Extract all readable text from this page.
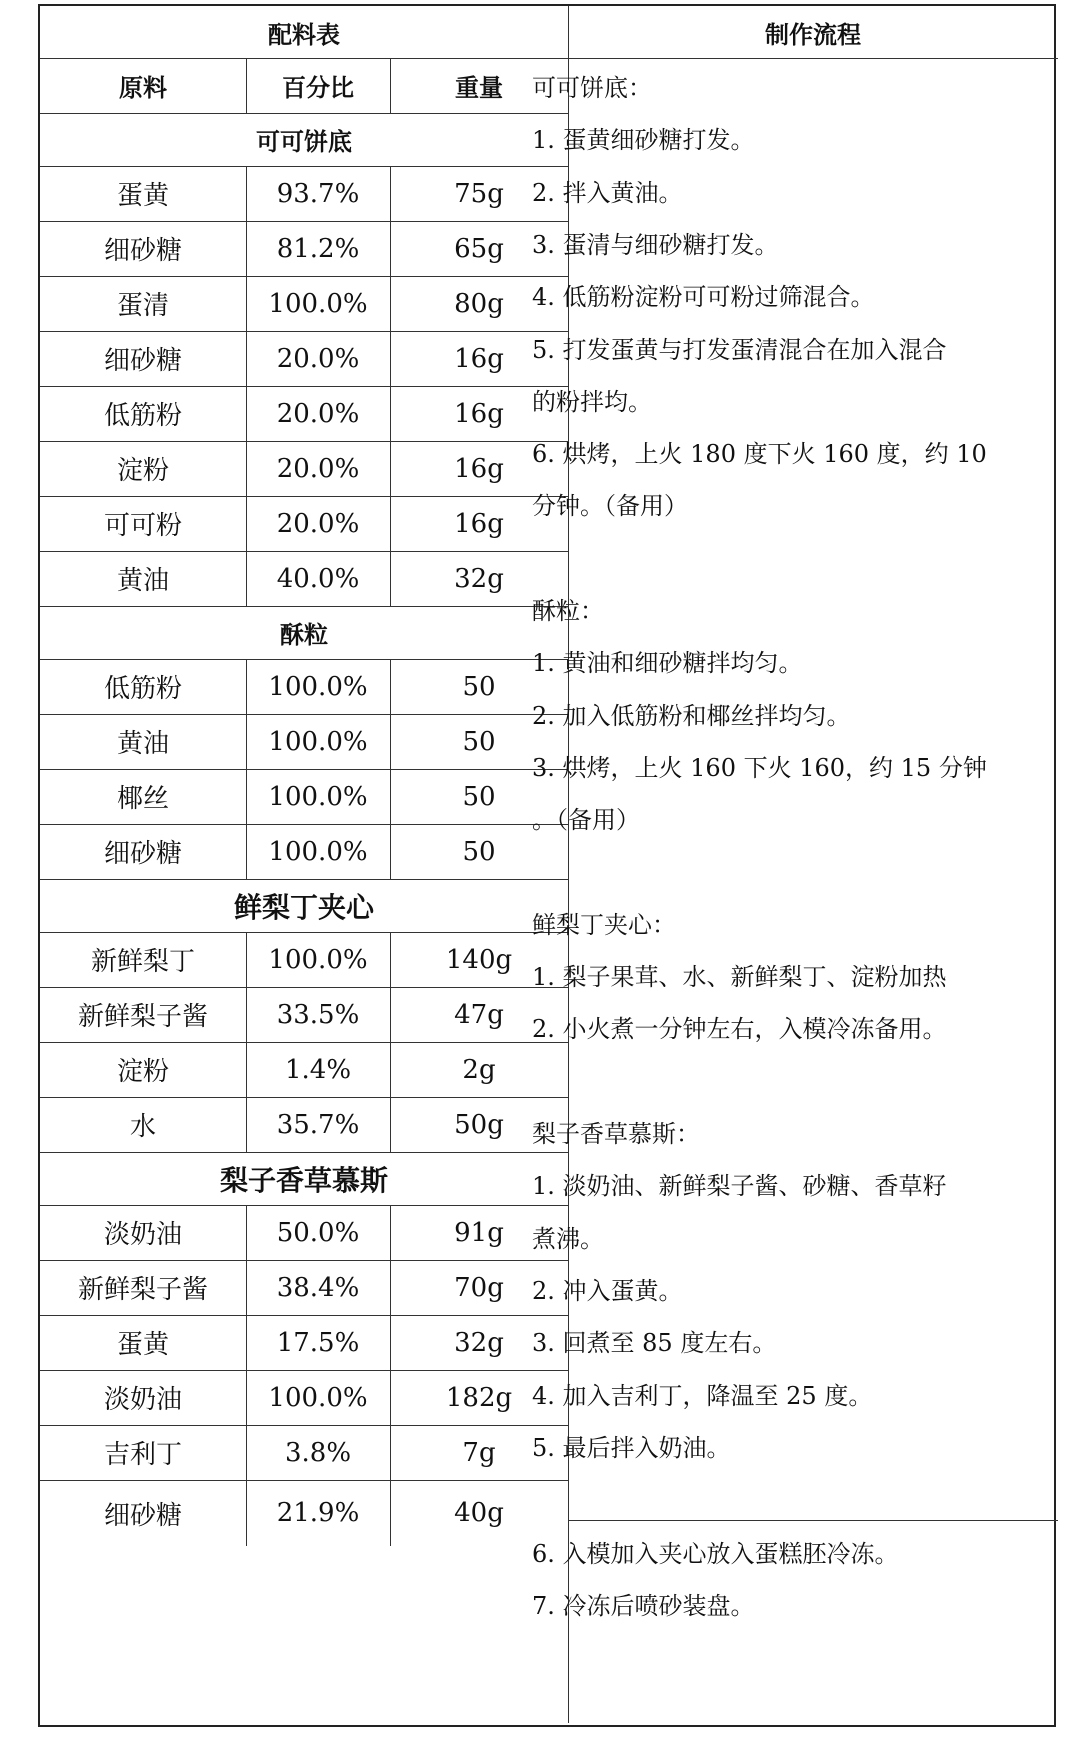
配料表	制作流程
原料	百分比	重量
可可饼底
蛋黄	93.7%	75g
细砂糖	81.2%	65g
蛋清	100.0%	80g
细砂糖	20.0%	16g
低筋粉	20.0%	16g
淀粉	20.0%	16g
可可粉	20.0%	16g
黄油	40.0%	32g
酥粒
低筋粉	100.0%	50
黄油	100.0%	50
椰丝	100.0%	50
细砂糖	100.0%	50
鲜梨丁夹心
新鲜梨丁	100.0%	140g
新鲜梨子酱	33.5%	47g
淀粉	1.4%	2g
水	35.7%	50g
梨子香草慕斯
淡奶油	50.0%	91g
新鲜梨子酱	38.4%	70g
蛋黄	17.5%	32g
淡奶油	100.0%	182g
吉利丁	3.8%	7g
细砂糖	21.9%	40g
可可饼底：
1. 蛋黄细砂糖打发。
2. 拌入黄油。
3. 蛋清与细砂糖打发。
4. 低筋粉淀粉可可粉过筛混合。
5. 打发蛋黄与打发蛋清混合在加入混合
的粉拌均。
6. 烘烤，上火 180 度下火 160 度，约 10
分钟。（备用）
酥粒：
1. 黄油和细砂糖拌均匀。
2. 加入低筋粉和椰丝拌均匀。
3. 烘烤，上火 160 下火 160，约 15 分钟
。（备用）
鲜梨丁夹心：
1. 梨子果茸、水、新鲜梨丁、淀粉加热
2. 小火煮一分钟左右，入模冷冻备用。
梨子香草慕斯：
1. 淡奶油、新鲜梨子酱、砂糖、香草籽
煮沸。
2. 冲入蛋黄。
3. 回煮至 85 度左右。
4. 加入吉利丁，降温至 25 度。
5. 最后拌入奶油。
6. 入模加入夹心放入蛋糕胚冷冻。
7. 冷冻后喷砂装盘。
